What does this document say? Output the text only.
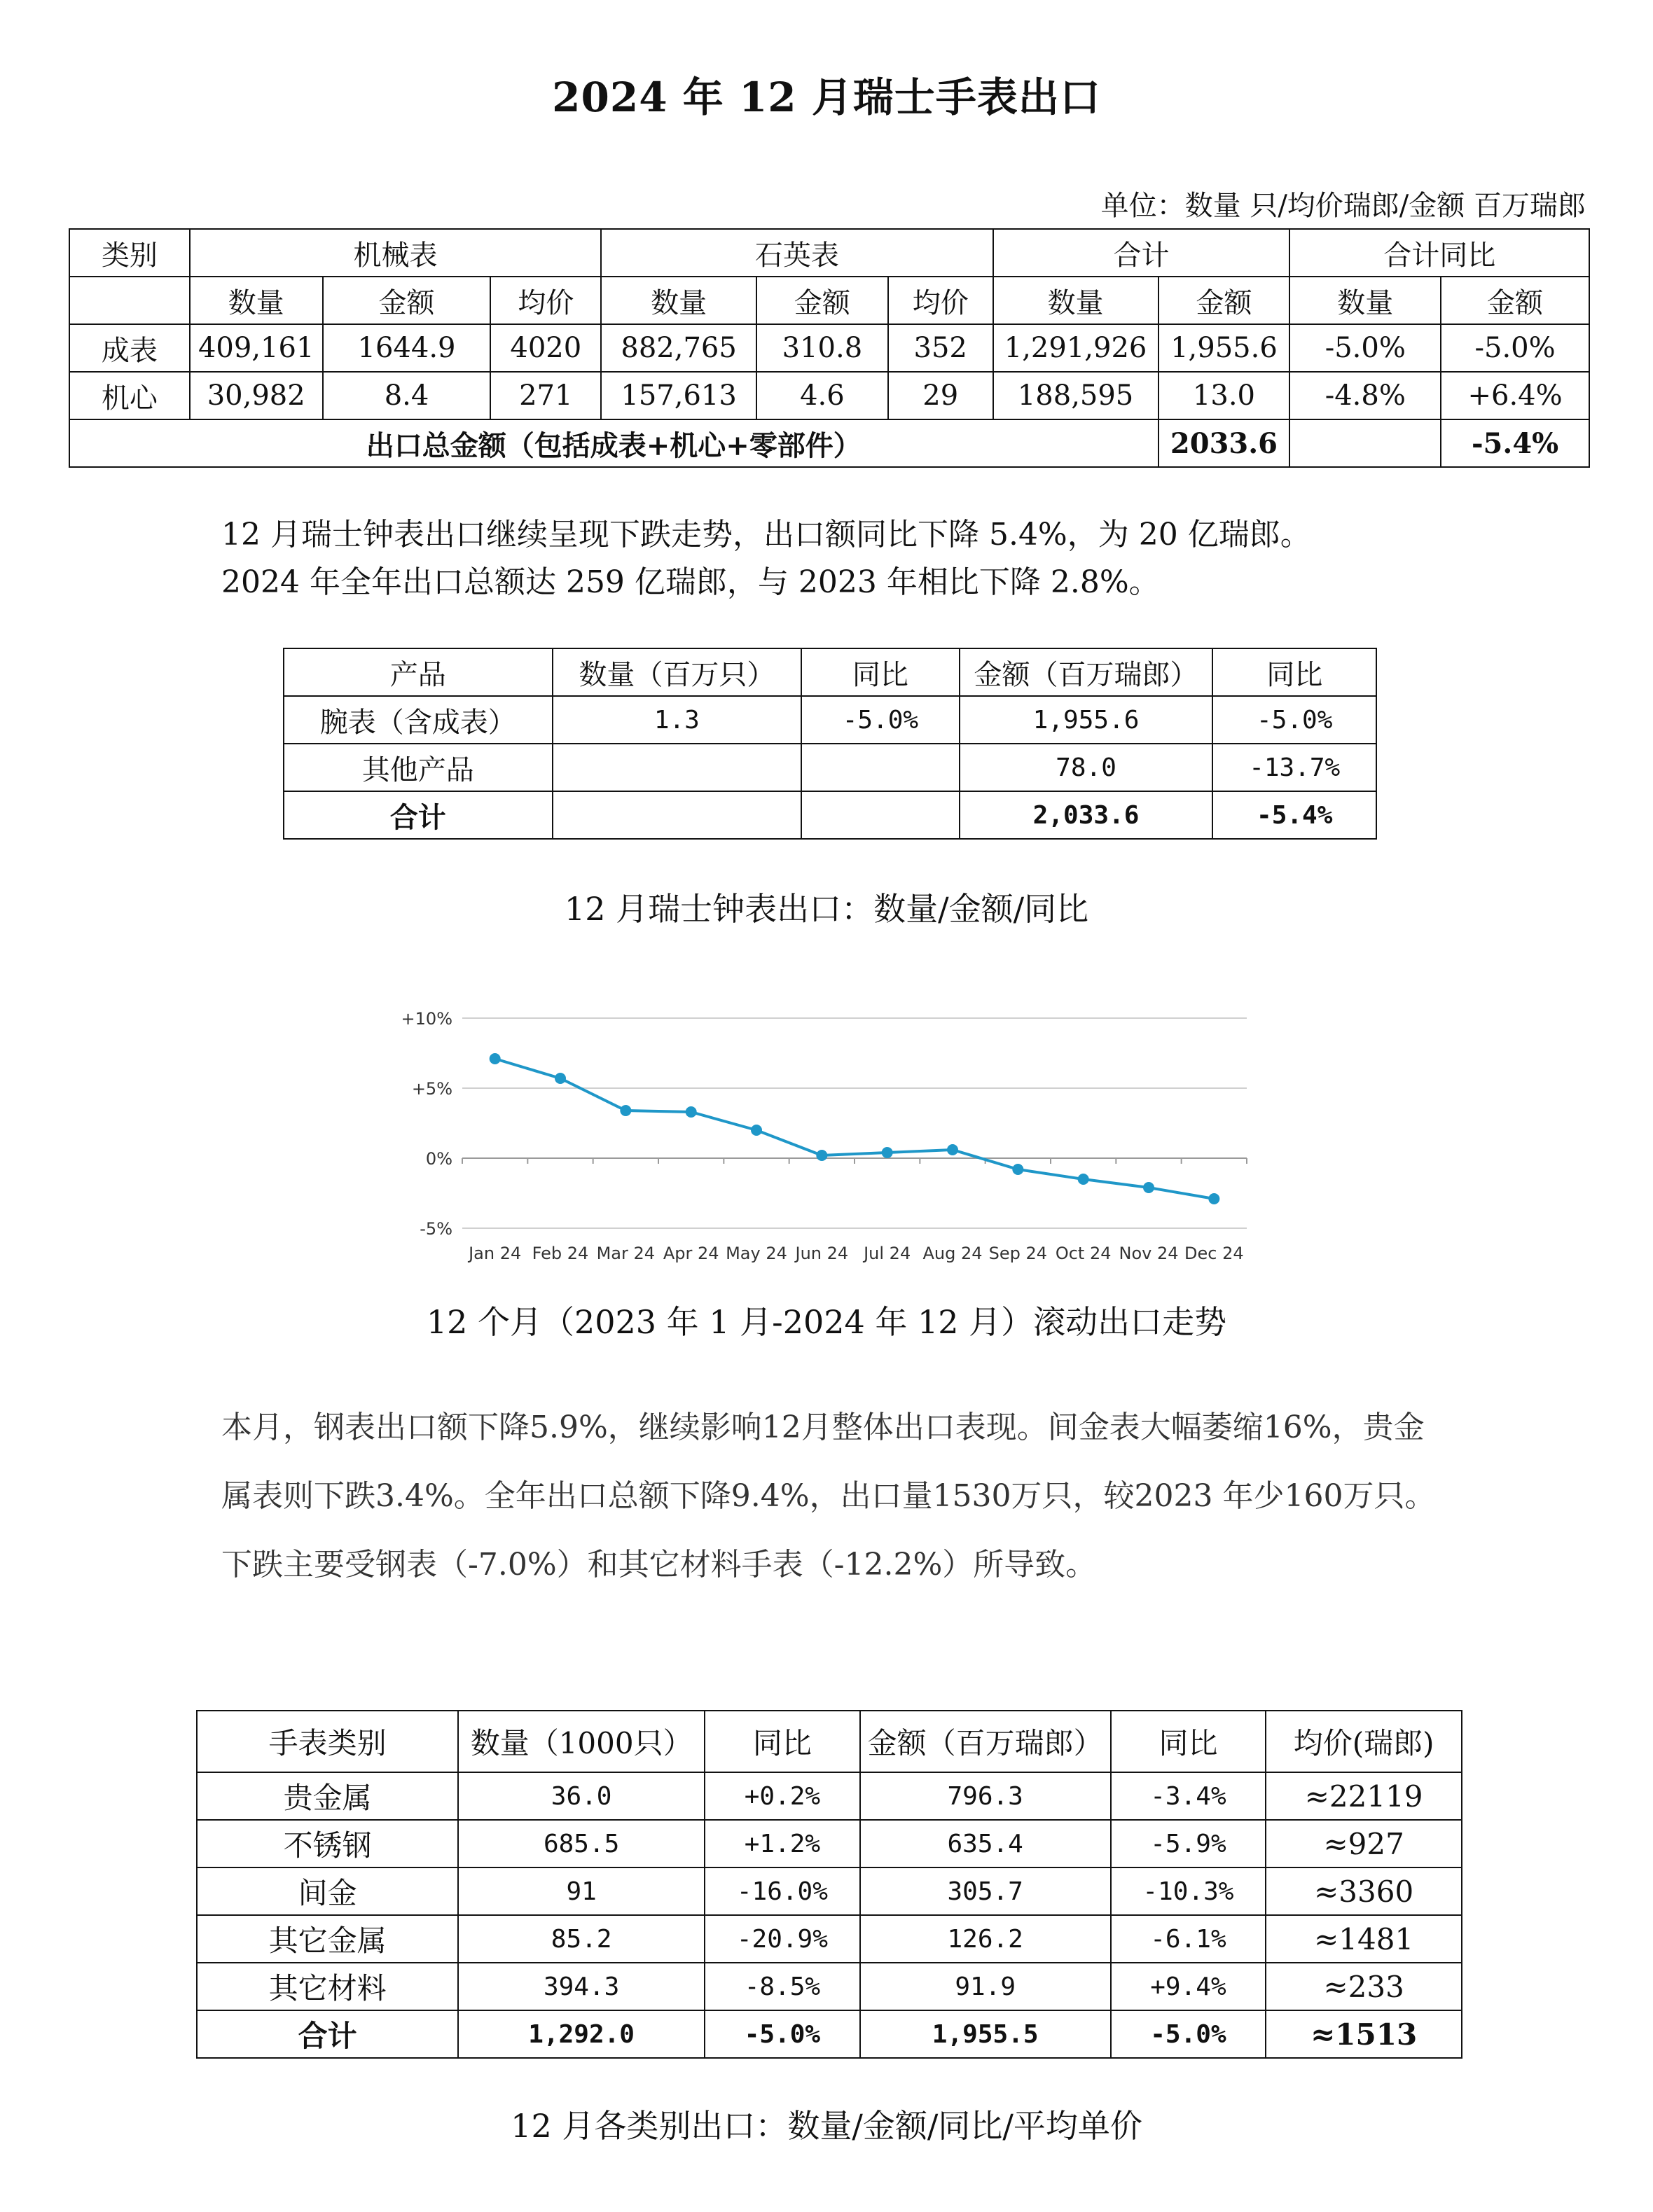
2024 年 12 月瑞士手表出口
单位：数量 只/均价瑞郎/金额 百万瑞郎
类别	机械表			石英表			合计		合计同比	
	数量	金额	均价	数量	金额	均价	数量	金额	数量	金额
成表	409,161	1644.9	4020	882,765	310.8	352	1,291,926	1,955.6	-5.0%	-5.0%
机心	30,982	8.4	271	157,613	4.6	29	188,595	13.0	-4.8%	+6.4%
出口总金额（包括成表+机心+零部件）								2033.6		-5.4%
12 月瑞士钟表出口继续呈现下跌走势，出口额同比下降 5.4%，为 20 亿瑞郎。
2024 年全年出口总额达 259 亿瑞郎，与 2023 年相比下降 2.8%。
产品	数量（百万只）	同比	金额（百万瑞郎）	同比
腕表（含成表）	1.3	-5.0%	1,955.6	-5.0%
其他产品			78.0	-13.7%
合计			2,033.6	-5.4%
12 月瑞士钟表出口：数量/金额/同比
+10%
+5%
0%
-5%
Jan 24 Feb 24 Mar 24 Apr 24 May 24 Jun 24 Jul 24 Aug 24 Sep 24 Oct 24 Nov 24 Dec 24
12 个月（2023 年 1 月-2024 年 12 月）滚动出口走势
本月，钢表出口额下降5.9%，继续影响12月整体出口表现。间金表大幅萎缩16%，贵金属表则下跌3.4%。全年出口总额下降9.4%，出口量1530万只，较2023 年少160万只。下跌主要受钢表（-7.0%）和其它材料手表（-12.2%）所导致。
手表类别	数量（1000只）	同比	金额（百万瑞郎）	同比	均价(瑞郎)
贵金属	36.0	+0.2%	796.3	-3.4%	≈22119
不锈钢	685.5	+1.2%	635.4	-5.9%	≈927
间金	91	-16.0%	305.7	-10.3%	≈3360
其它金属	85.2	-20.9%	126.2	-6.1%	≈1481
其它材料	394.3	-8.5%	91.9	+9.4%	≈233
合计	1,292.0	-5.0%	1,955.5	-5.0%	≈1513
12 月各类别出口：数量/金额/同比/平均单价
